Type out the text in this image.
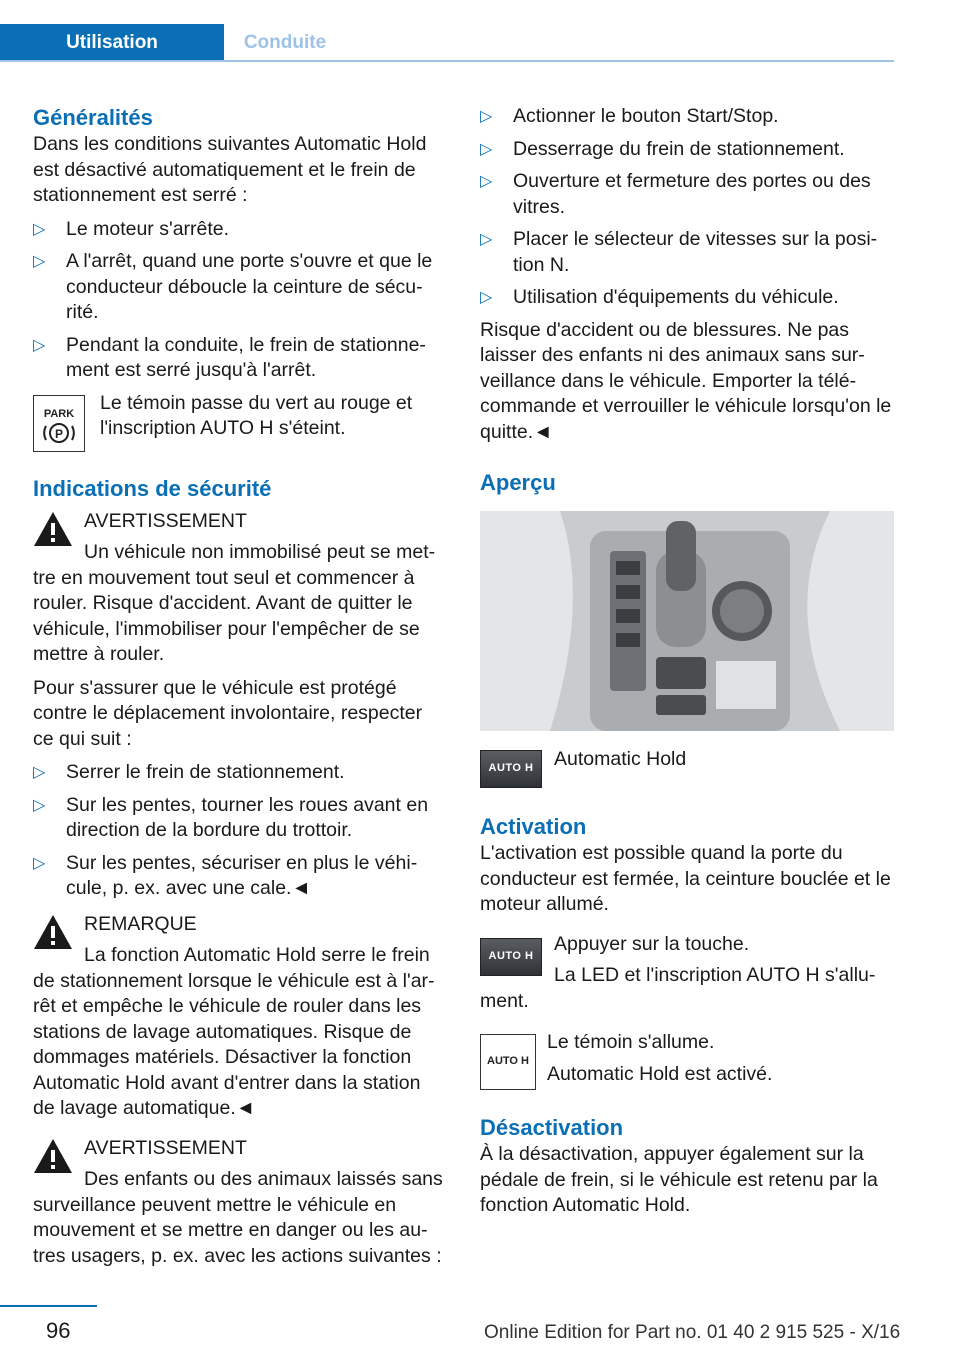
Utilisation	Conduite
Généralités

Dans les conditions suivantes Automatic Hold est désactivé automatiquement et le frein de stationnement est serré :

▷ Le moteur s'arrête.
▷ A l'arrêt, quand une porte s'ouvre et que le conducteur déboucle la ceinture de sécurité.
▷ Pendant la conduite, le frein de stationnement est serré jusqu'à l'arrêt.
PARK
P

Le témoin passe du vert au rouge et l'inscription AUTO H s'éteint.

Indications de sécurité

AVERTISSEMENT

Un véhicule non immobilisé peut se mettre en mouvement tout seul et commencer à rouler. Risque d'accident. Avant de quitter le véhicule, l'immobiliser pour l'empêcher de se mettre à rouler.

Pour s'assurer que le véhicule est protégé contre le déplacement involontaire, respecter ce qui suit :

▷ Serrer le frein de stationnement.
▷ Sur les pentes, tourner les roues avant en direction de la bordure du trottoir.
▷ Sur les pentes, sécuriser en plus le véhicule, p. ex. avec une cale.◄

REMARQUE

La fonction Automatic Hold serre le frein de stationnement lorsque le véhicule est à l'arrêt et empêche le véhicule de rouler dans les stations de lavage automatiques. Risque de dommages matériels. Désactiver la fonction Automatic Hold avant d'entrer dans la station de lavage automatique.◄

AVERTISSEMENT

Des enfants ou des animaux laissés sans surveillance peuvent mettre le véhicule en mouvement et se mettre en danger ou les autres usagers, p. ex. avec les actions suivantes :

▷ Actionner le bouton Start/Stop.
▷ Desserrage du frein de stationnement.
▷ Ouverture et fermeture des portes ou des vitres.
▷ Placer le sélecteur de vitesses sur la position N.
▷ Utilisation d'équipements du véhicule.

Risque d'accident ou de blessures. Ne pas laisser des enfants ni des animaux sans surveillance dans le véhicule. Emporter la télécommande et verrouiller le véhicule lorsqu'on le quitte.◄

Aperçu
AUTO H	Automatic Hold

Activation

L'activation est possible quand la porte du conducteur est fermée, la ceinture bouclée et le moteur allumé.

AUTO H

Appuyer sur la touche.

La LED et l'inscription AUTO H s'allument.

AUTO H

Le témoin s'allume.

Automatic Hold est activé.

Désactivation

À la désactivation, appuyer également sur la pédale de frein, si le véhicule est retenu par la fonction Automatic Hold.

96	Online Edition for Part no. 01 40 2 915 525 - X/16
